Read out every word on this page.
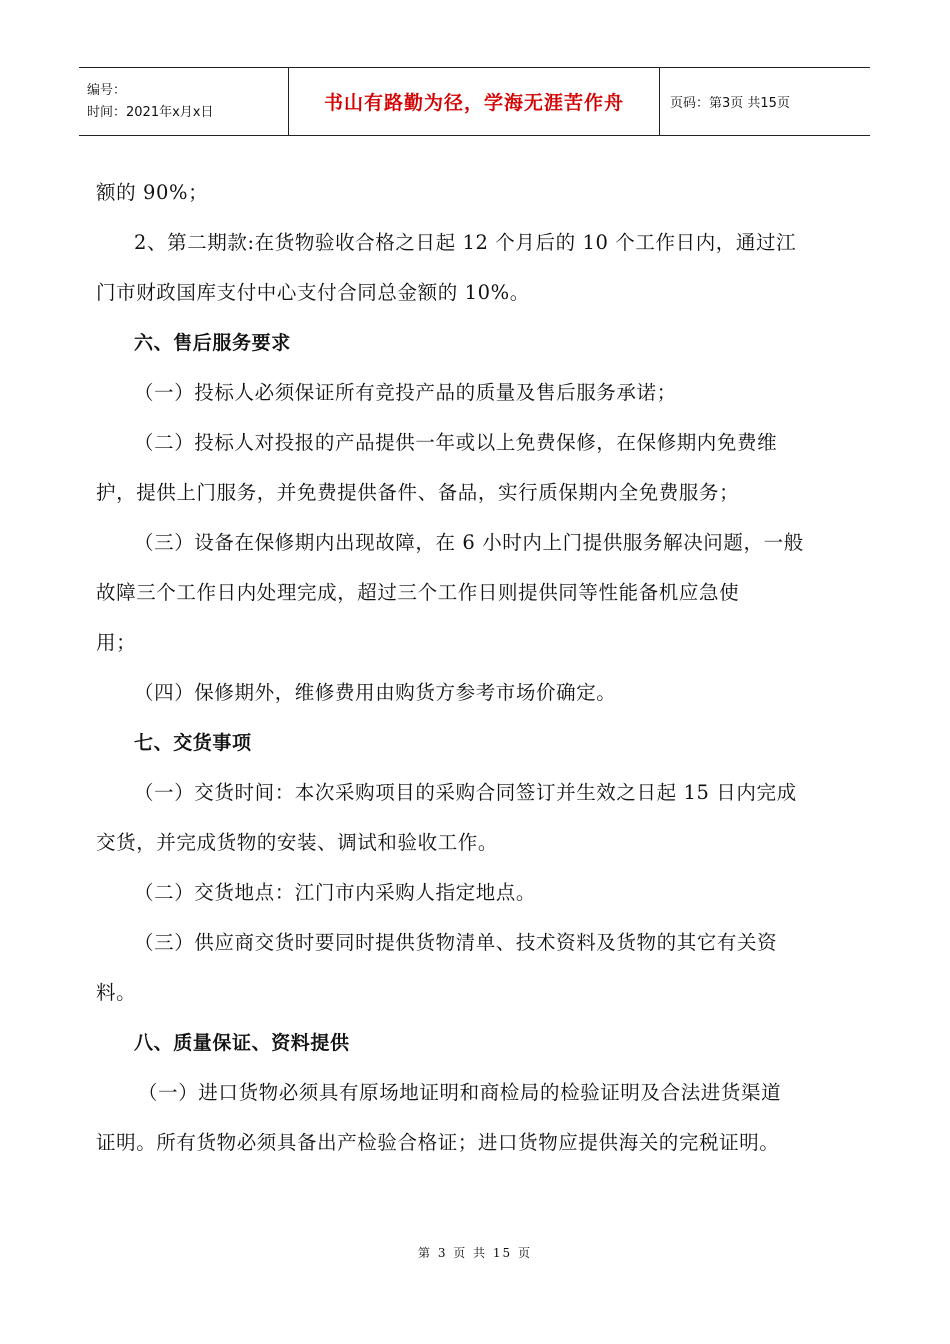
编号：
时间：2021年x月x日	书山有路勤为径，学海无涯苦作舟	页码：第3页 共15页
额的 90%；
2、第二期款:在货物验收合格之日起 12 个月后的 10 个工作日内，通过江
门市财政国库支付中心支付合同总金额的 10%。
六、售后服务要求
（一）投标人必须保证所有竞投产品的质量及售后服务承诺；
（二）投标人对投报的产品提供一年或以上免费保修，在保修期内免费维
护，提供上门服务，并免费提供备件、备品，实行质保期内全免费服务；
（三）设备在保修期内出现故障，在 6 小时内上门提供服务解决问题，一般
故障三个工作日内处理完成，超过三个工作日则提供同等性能备机应急使
用；
（四）保修期外，维修费用由购货方参考市场价确定。
七、交货事项
（一）交货时间：本次采购项目的采购合同签订并生效之日起 15 日内完成
交货，并完成货物的安装、调试和验收工作。
（二）交货地点：江门市内采购人指定地点。
（三）供应商交货时要同时提供货物清单、技术资料及货物的其它有关资
料。
八、质量保证、资料提供
（一）进口货物必须具有原场地证明和商检局的检验证明及合法进货渠道
证明。所有货物必须具备出产检验合格证；进口货物应提供海关的完税证明。
第 3 页 共 15 页
